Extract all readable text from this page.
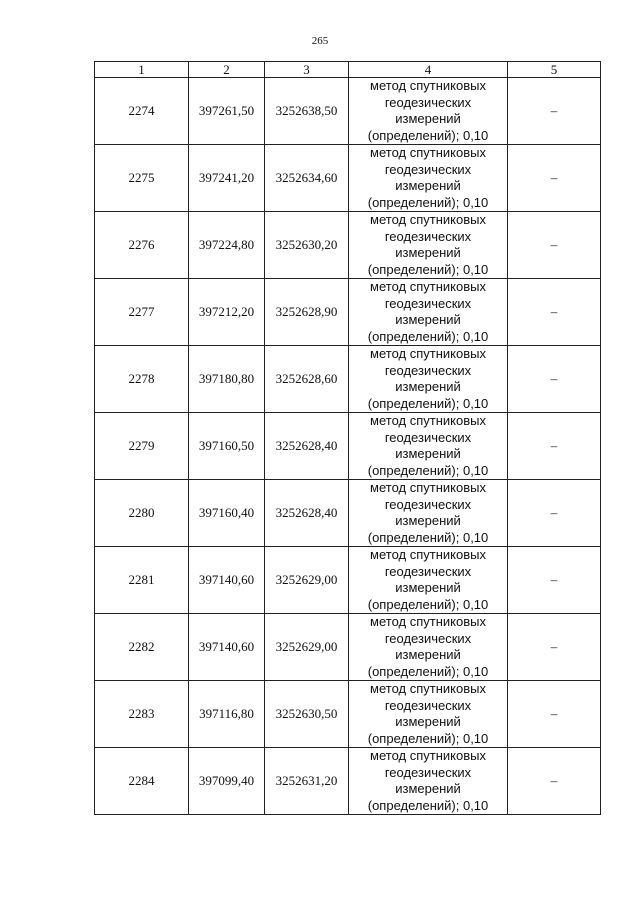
265
1	2	3	4	5
2274	397261,50	3252638,50	метод спутниковых
геодезических
измерений
(определений); 0,10	–
2275	397241,20	3252634,60	метод спутниковых
геодезических
измерений
(определений); 0,10	–
2276	397224,80	3252630,20	метод спутниковых
геодезических
измерений
(определений); 0,10	–
2277	397212,20	3252628,90	метод спутниковых
геодезических
измерений
(определений); 0,10	–
2278	397180,80	3252628,60	метод спутниковых
геодезических
измерений
(определений); 0,10	–
2279	397160,50	3252628,40	метод спутниковых
геодезических
измерений
(определений); 0,10	–
2280	397160,40	3252628,40	метод спутниковых
геодезических
измерений
(определений); 0,10	–
2281	397140,60	3252629,00	метод спутниковых
геодезических
измерений
(определений); 0,10	–
2282	397140,60	3252629,00	метод спутниковых
геодезических
измерений
(определений); 0,10	–
2283	397116,80	3252630,50	метод спутниковых
геодезических
измерений
(определений); 0,10	–
2284	397099,40	3252631,20	метод спутниковых
геодезических
измерений
(определений); 0,10	–
